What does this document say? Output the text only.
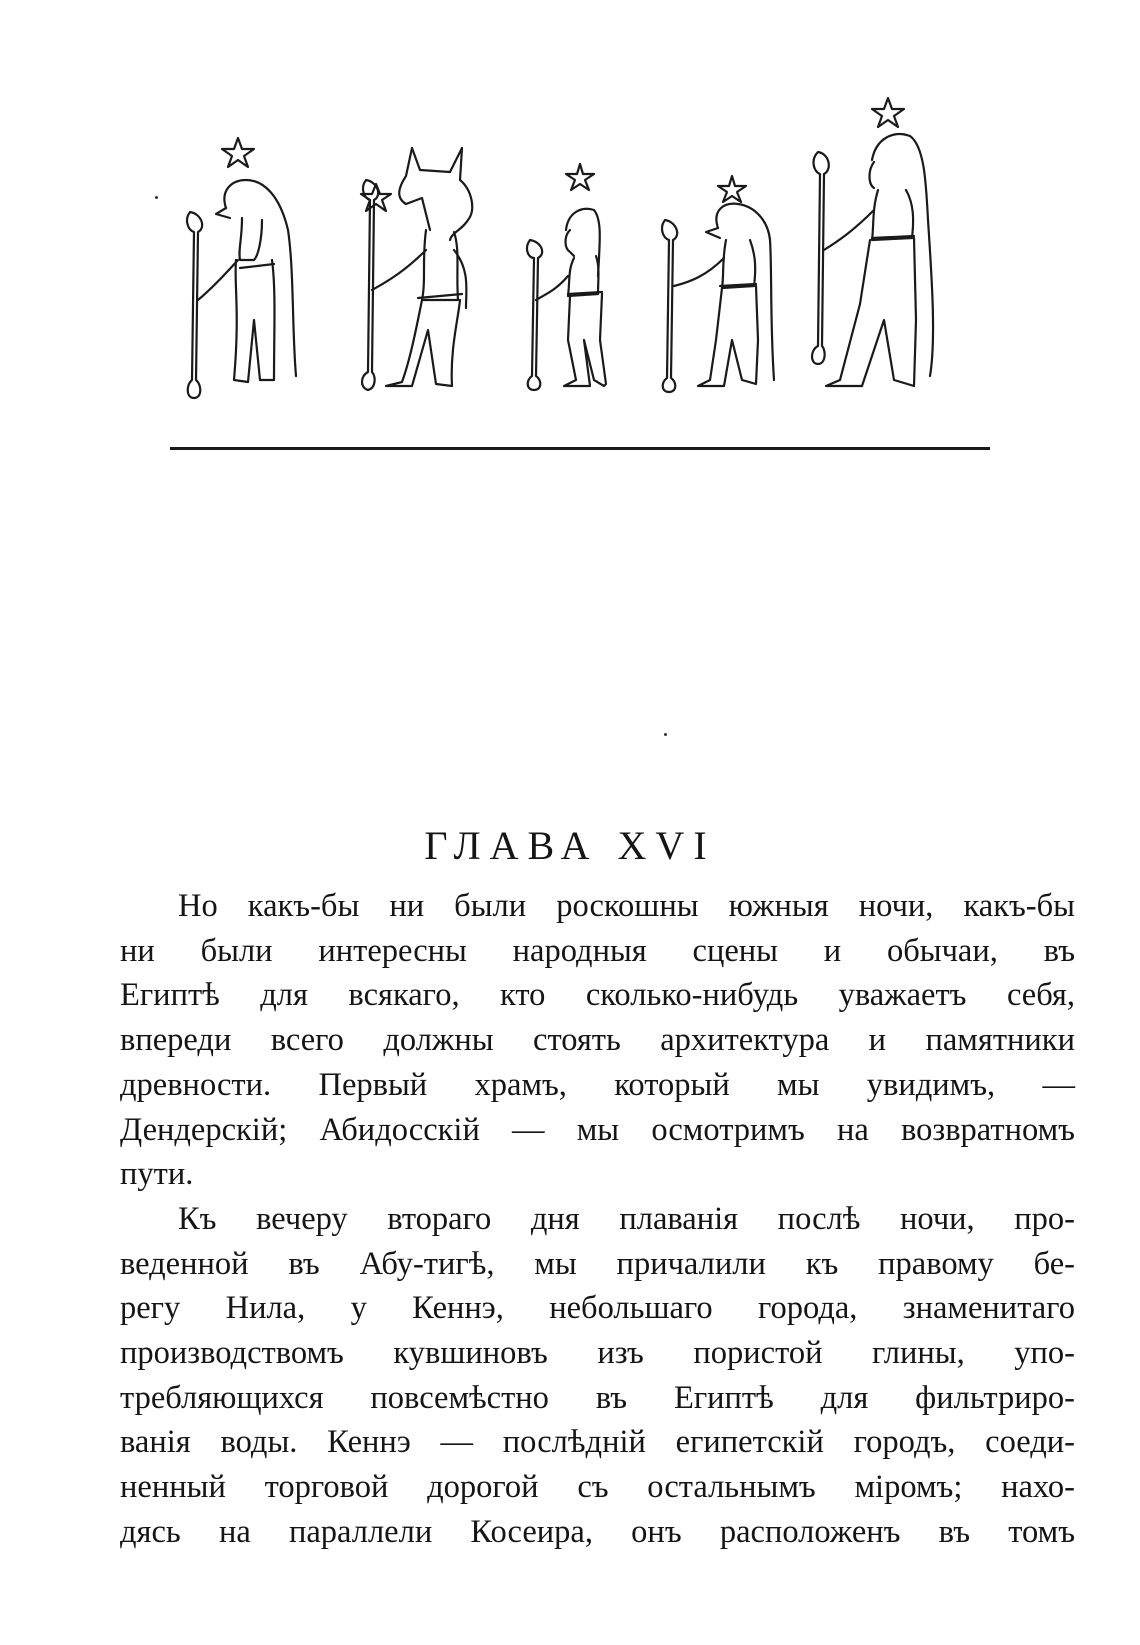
ГЛАВА XVI
Но какъ-бы ни были роскошны южныя ночи, какъ-бы
ни были интересны народныя сцены и обычаи, въ
Египтѣ для всякаго, кто сколько-нибудь уважаетъ себя,
впереди всего должны стоять архитектура и памятники
древности. Первый храмъ, который мы увидимъ, —
Дендерскій; Абидосскій — мы осмотримъ на возвратномъ
пути.
Къ вечеру втораго дня плаванія послѣ ночи, про-
веденной въ Абу-тигѣ, мы причалили къ правому бе-
регу Нила, у Кеннэ, небольшаго города, знаменитаго
производствомъ кувшиновъ изъ пористой глины, упо-
требляющихся повсемѣстно въ Египтѣ для фильтриро-
ванія воды. Кеннэ — послѣдній египетскій городъ, соеди-
ненный торговой дорогой съ остальнымъ міромъ; нахо-
дясь на параллели Косеира, онъ расположенъ въ томъ
